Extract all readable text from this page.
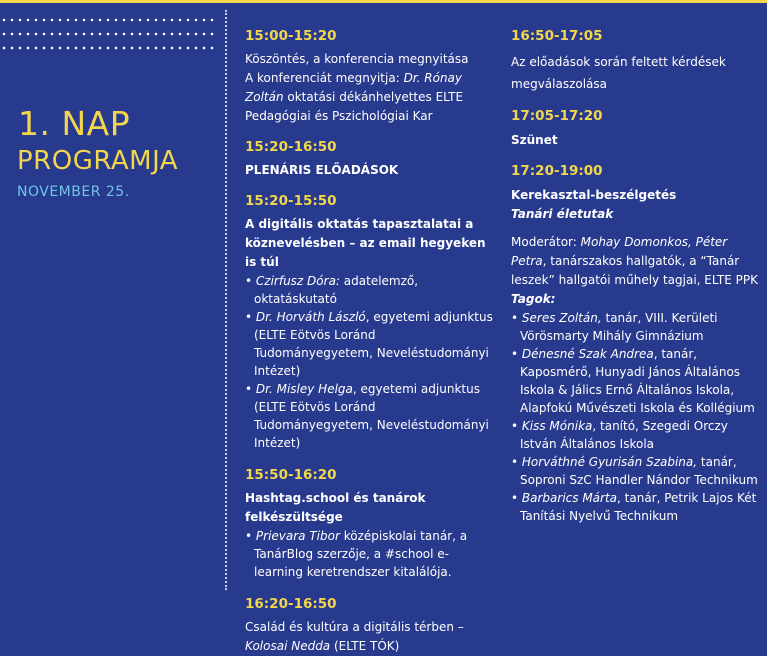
1. NAP
PROGRAMJA
NOVEMBER 25.
15:00-15:20
Köszöntés, a konferencia megnyitása
A konferenciát megnyitja: Dr. Rónay Zoltán oktatási dékánhelyettes ELTE Pedagógiai és Pszichológiai Kar
15:20-16:50
PLENÁRIS ELŐADÁSOK
15:20-15:50
A digitális oktatás tapasztalatai a köznevelésben – az email hegyeken is túl
• Czirfusz Dóra: adatelemző, oktatáskutató
• Dr. Horváth László, egyetemi adjunktus (ELTE Eötvös Loránd Tudományegyetem, Neveléstudományi Intézet)
• Dr. Misley Helga, egyetemi adjunktus (ELTE Eötvös Loránd Tudományegyetem, Neveléstudományi Intézet)
15:50-16:20
Hashtag.school és tanárok felkészültsége
• Prievara Tibor középiskolai tanár, a TanárBlog szerzője, a #school e-learning keretrendszer kitalálója.
16:20-16:50
Család és kultúra a digitális térben –
Kolosai Nedda (ELTE TÓK)
16:50-17:05
Az előadások során feltett kérdések megválaszolása
17:05-17:20
Szünet
17:20-19:00
Kerekasztal-beszélgetés
Tanári életutak
Moderátor: Mohay Domonkos, Péter Petra, tanárszakos hallgatók, a “Tanár leszek” hallgatói műhely tagjai, ELTE PPK
Tagok:
• Seres Zoltán, tanár, VIII. Kerületi Vörösmarty Mihály Gimnázium
• Dénesné Szak Andrea, tanár, Kaposmérő, Hunyadi János Általános Iskola & Jálics Ernő Általános Iskola, Alapfokú Művészeti Iskola és Kollégium
• Kiss Mónika, tanító, Szegedi Orczy István Általános Iskola
• Horváthné Gyurisán Szabina, tanár, Soproni SzC Handler Nándor Technikum
• Barbarics Márta, tanár, Petrik Lajos Két Tanítási Nyelvű Technikum
